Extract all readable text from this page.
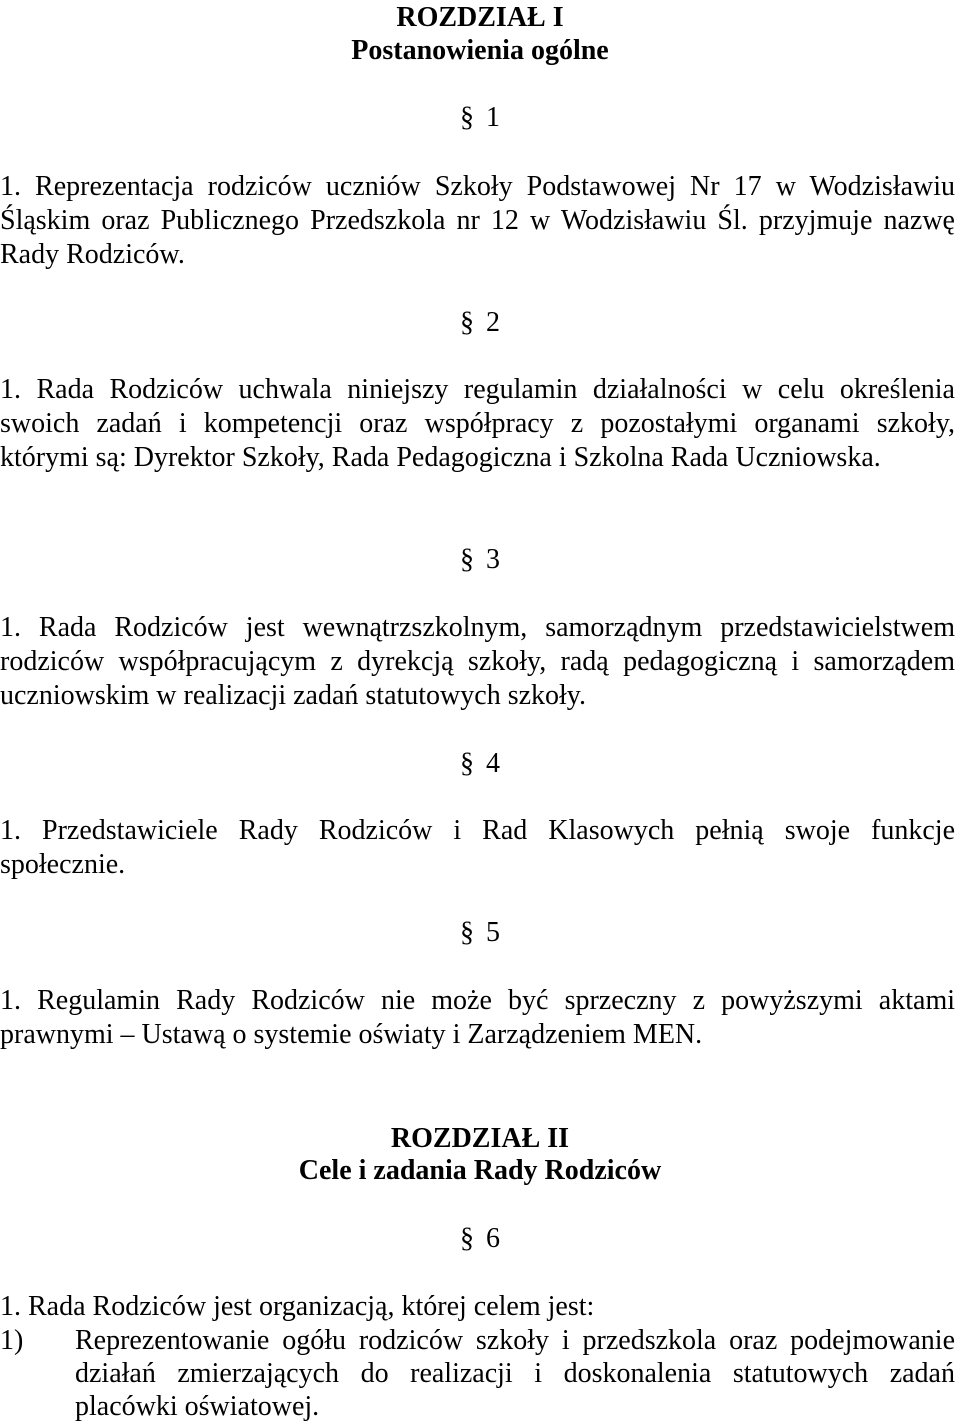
ROZDZIAŁ I
Postanowienia ogólne
§ 1
1. Reprezentacja rodziców uczniów Szkoły Podstawowej Nr 17 w Wodzisławiu Śląskim oraz Publicznego Przedszkola nr 12 w Wodzisławiu Śl. przyjmuje nazwę Rady Rodziców.
§ 2
1. Rada Rodziców uchwala niniejszy regulamin działalności w celu określenia swoich zadań i kompetencji oraz współpracy z pozostałymi organami szkoły, którymi są: Dyrektor Szkoły, Rada Pedagogiczna i Szkolna Rada Uczniowska.
§ 3
1. Rada Rodziców jest wewnątrzszkolnym, samorządnym przedstawicielstwem rodziców współpracującym z dyrekcją szkoły, radą pedagogiczną i samorządem uczniowskim w realizacji zadań statutowych szkoły.
§ 4
1. Przedstawiciele Rady Rodziców i Rad Klasowych pełnią swoje funkcje społecznie.
§ 5
1. Regulamin Rady Rodziców nie może być sprzeczny z powyższymi aktami prawnymi – Ustawą o systemie oświaty i Zarządzeniem MEN.
ROZDZIAŁ II
Cele i zadania Rady Rodziców
§ 6
1. Rada Rodziców jest organizacją, której celem jest:
1) Reprezentowanie ogółu rodziców szkoły i przedszkola oraz podejmowanie działań zmierzających do realizacji i doskonalenia statutowych zadań placówki oświatowej.
